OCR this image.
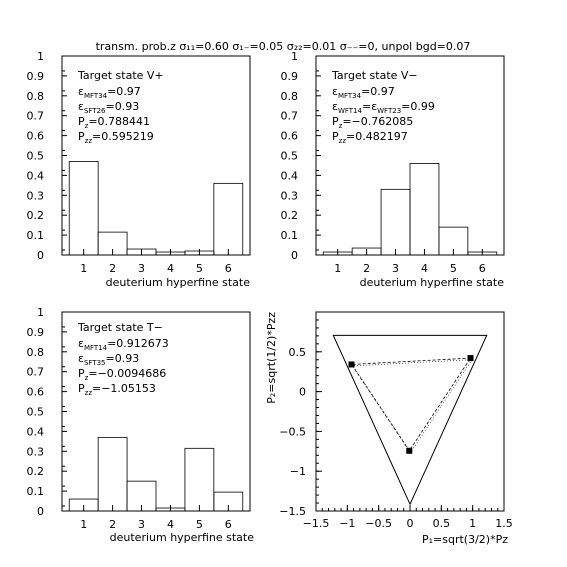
transm. prob.z σ₁₁=0.60 σ₁₋=0.05 σ₂₂=0.01 σ₋₋=0, unpol bgd=0.07
0
0.1
0.2
0.3
0.4
0.5
0.6
0.7
0.8
0.9
1
1 2 3 4 5 6
deuterium hyperfine state
Target state V+
$\varepsilon_{MFT34}=0.97$
$\varepsilon_{SFT26}=0.93$
$P_z=0.788441$
$P_{zz}=0.595219$
0
0.1
0.2
0.3
0.4
0.5
0.6
0.7
0.8
0.9
1
1 2 3 4 5 6
deuterium hyperfine state
Target state V−
$\varepsilon_{MFT34}=0.97$
$\varepsilon_{WFT14}=\varepsilon_{WFT23}=0.99$
$P_z=-0.762085$
$P_{zz}=0.482197$
0
0.1
0.2
0.3
0.4
0.5
0.6
0.7
0.8
0.9
1
1 2 3 4 5 6
deuterium hyperfine state
Target state T−
$\varepsilon_{MFT14}=0.912673$
$\varepsilon_{SFT35}=0.93$
$P_z=-0.0094686$
$P_{zz}=-1.05153$
−1.5
−1
−0.5
0
0.5
−1.5 −1 −0.5 0 0.5 1 1.5
P₁=sqrt(3/2)*Pz
P₂=sqrt(1/2)*Pzz
